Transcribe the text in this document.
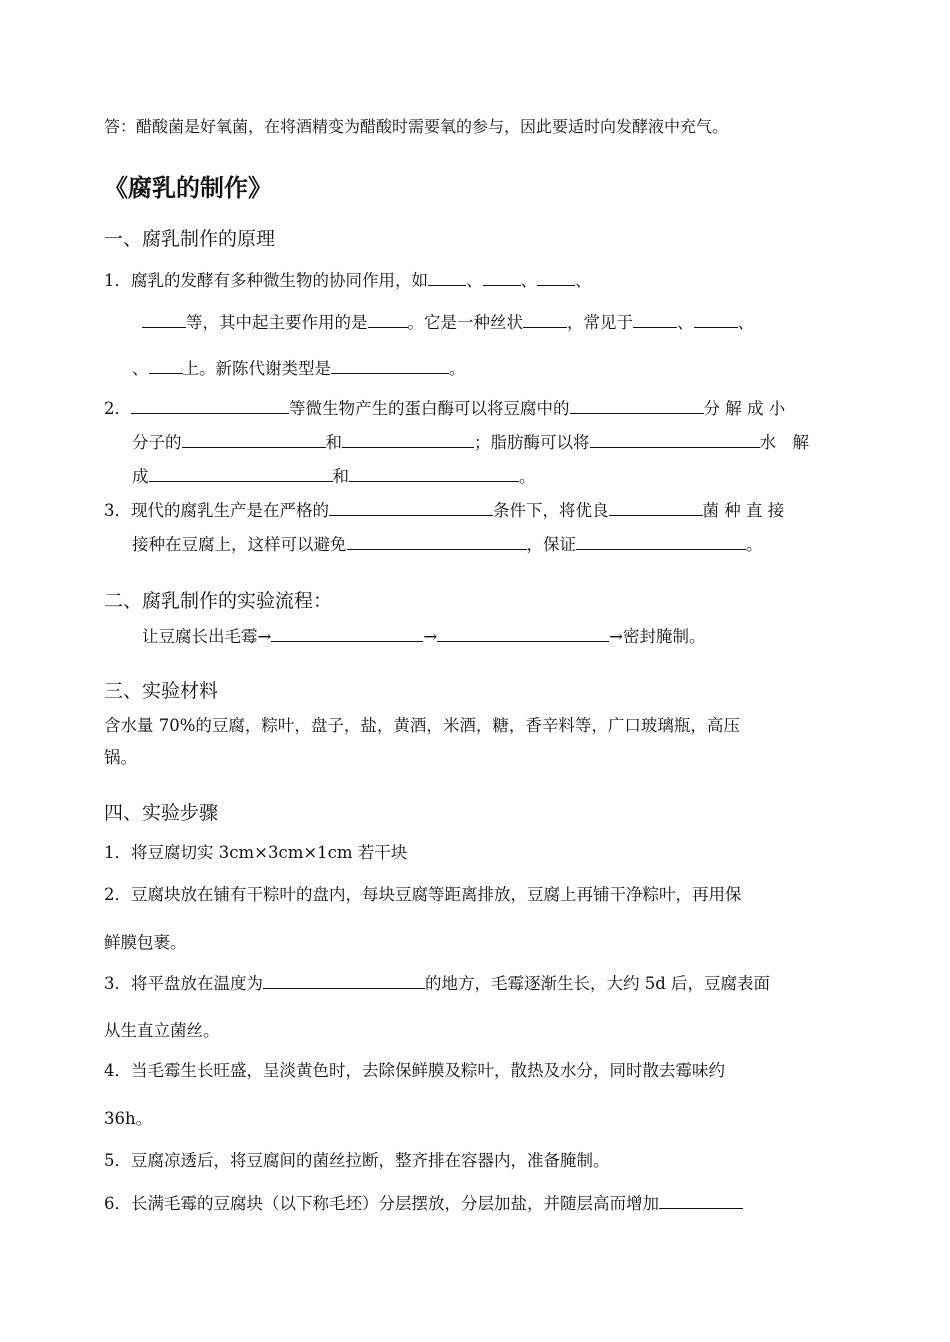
答：醋酸菌是好氧菌，在将酒精变为醋酸时需要氧的参与，因此要适时向发酵液中充气。
《腐乳的制作》
一、腐乳制作的原理
1．腐乳的发酵有多种微生物的协同作用，如 、 、 、
等，其中起主要作用的是 。它是一种丝状	，常见于	、	、
、 上。新陈代谢类型是	。
2．	等微生物产生的蛋白酶可以将豆腐中的	分 解 成 小
分子的	和	；脂肪酶可以将	水　解
成	和	。
3．现代的腐乳生产是在严格的	条件下，将优良	菌 种 直 接
接种在豆腐上，这样可以避免	，保证	。
二、腐乳制作的实验流程：
让豆腐长出毛霉→	→	→密封腌制。
三、实验材料
含水量 70%的豆腐，粽叶，盘子，盐，黄酒，米酒，糖，香辛料等，广口玻璃瓶，高压
锅。
四、实验步骤
1．将豆腐切实 3cm×3cm×1cm 若干块
2．豆腐块放在铺有干粽叶的盘内，每块豆腐等距离排放，豆腐上再铺干净粽叶，再用保
鲜膜包裹。
3．将平盘放在温度为	的地方，毛霉逐渐生长，大约 5d 后，豆腐表面
从生直立菌丝。
4．当毛霉生长旺盛，呈淡黄色时，去除保鲜膜及粽叶，散热及水分，同时散去霉味约
36h。
5．豆腐凉透后，将豆腐间的菌丝拉断，整齐排在容器内，准备腌制。
6．长满毛霉的豆腐块（以下称毛坯）分层摆放，分层加盐，并随层高而增加
